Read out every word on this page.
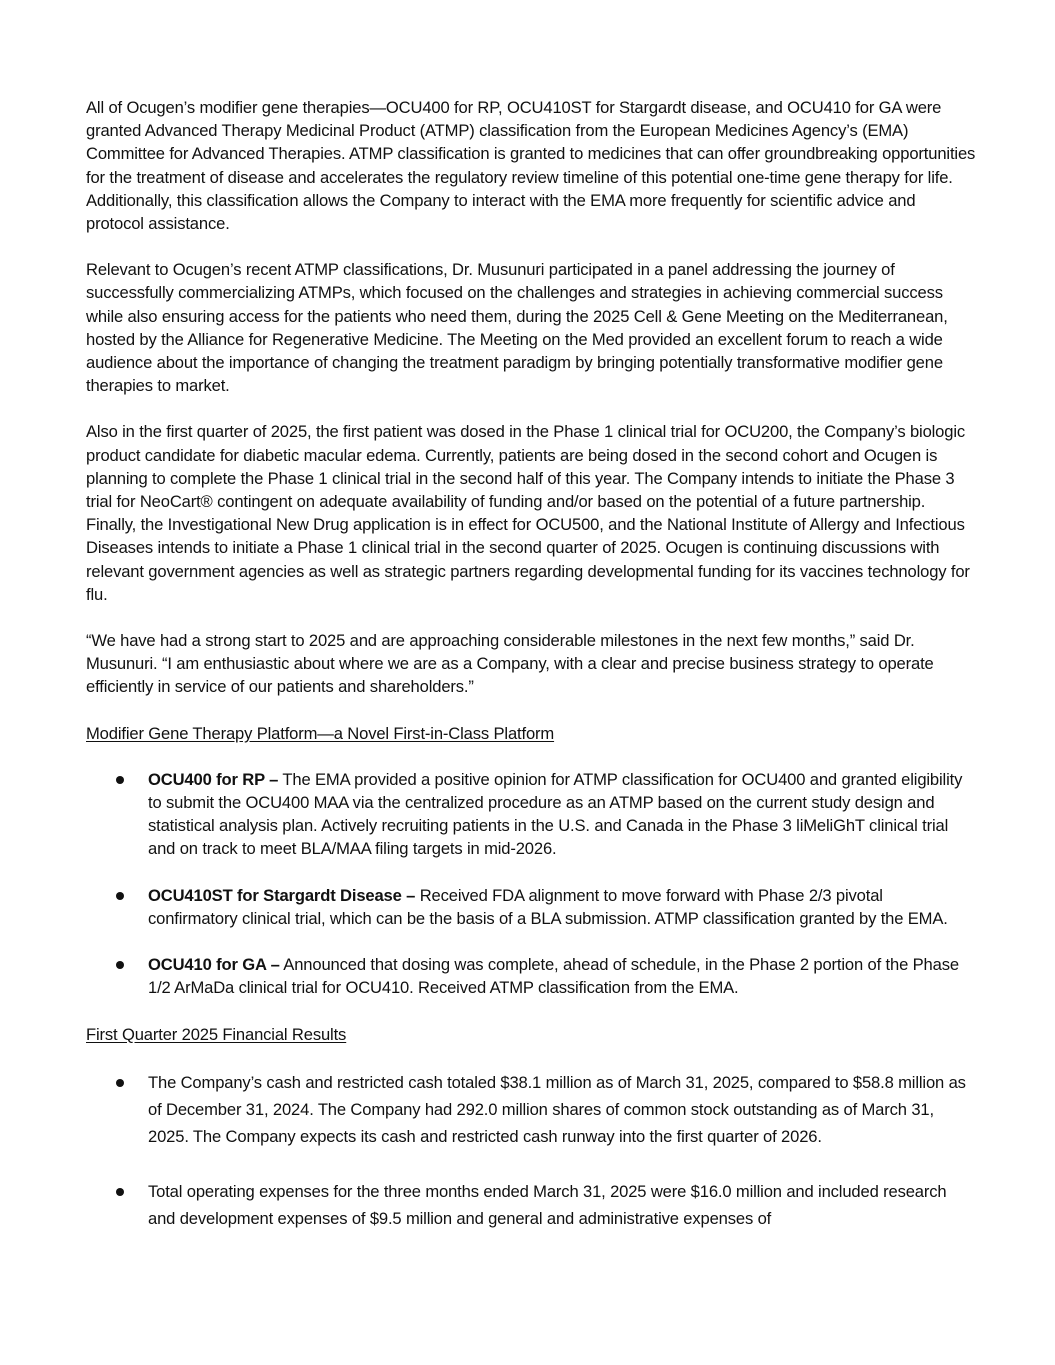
All of Ocugen’s modifier gene therapies—OCU400 for RP, OCU410ST for Stargardt disease, and OCU410 for GA were granted Advanced Therapy Medicinal Product (ATMP) classification from the European Medicines Agency’s (EMA) Committee for Advanced Therapies. ATMP classification is granted to medicines that can offer groundbreaking opportunities for the treatment of disease and accelerates the regulatory review timeline of this potential one-time gene therapy for life. Additionally, this classification allows the Company to interact with the EMA more frequently for scientific advice and protocol assistance.

Relevant to Ocugen’s recent ATMP classifications, Dr. Musunuri participated in a panel addressing the journey of successfully commercializing ATMPs, which focused on the challenges and strategies in achieving commercial success while also ensuring access for the patients who need them, during the 2025 Cell & Gene Meeting on the Mediterranean, hosted by the Alliance for Regenerative Medicine. The Meeting on the Med provided an excellent forum to reach a wide audience about the importance of changing the treatment paradigm by bringing potentially transformative modifier gene therapies to market.

Also in the first quarter of 2025, the first patient was dosed in the Phase 1 clinical trial for OCU200, the Company’s biologic product candidate for diabetic macular edema. Currently, patients are being dosed in the second cohort and Ocugen is planning to complete the Phase 1 clinical trial in the second half of this year. The Company intends to initiate the Phase 3 trial for NeoCart® contingent on adequate availability of funding and/or based on the potential of a future partnership. Finally, the Investigational New Drug application is in effect for OCU500, and the National Institute of Allergy and Infectious Diseases intends to initiate a Phase 1 clinical trial in the second quarter of 2025. Ocugen is continuing discussions with relevant government agencies as well as strategic partners regarding developmental funding for its vaccines technology for flu.

“We have had a strong start to 2025 and are approaching considerable milestones in the next few months,” said Dr. Musunuri. “I am enthusiastic about where we are as a Company, with a clear and precise business strategy to operate efficiently in service of our patients and shareholders.”

Modifier Gene Therapy Platform—a Novel First-in-Class Platform

OCU400 for RP – The EMA provided a positive opinion for ATMP classification for OCU400 and granted eligibility to submit the OCU400 MAA via the centralized procedure as an ATMP based on the current study design and statistical analysis plan. Actively recruiting patients in the U.S. and Canada in the Phase 3 liMeliGhT clinical trial and on track to meet BLA/MAA filing targets in mid-2026.
OCU410ST for Stargardt Disease – Received FDA alignment to move forward with Phase 2/3 pivotal confirmatory clinical trial, which can be the basis of a BLA submission. ATMP classification granted by the EMA.
OCU410 for GA – Announced that dosing was complete, ahead of schedule, in the Phase 2 portion of the Phase 1/2 ArMaDa clinical trial for OCU410. Received ATMP classification from the EMA.

First Quarter 2025 Financial Results

The Company’s cash and restricted cash totaled $38.1 million as of March 31, 2025, compared to $58.8 million as of December 31, 2024. The Company had 292.0 million shares of common stock outstanding as of March 31, 2025. The Company expects its cash and restricted cash runway into the first quarter of 2026.
Total operating expenses for the three months ended March 31, 2025 were $16.0 million and included research and development expenses of $9.5 million and general and administrative expenses of
